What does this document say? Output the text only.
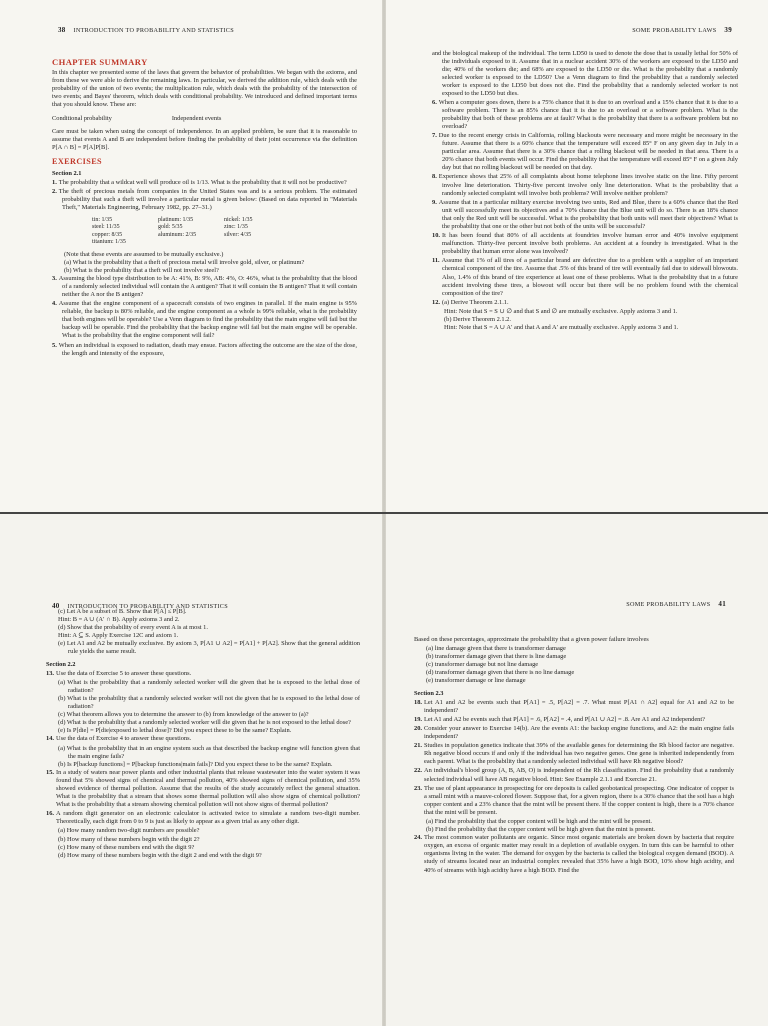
38 INTRODUCTION TO PROBABILITY AND STATISTICS
CHAPTER SUMMARY

In this chapter we presented some of the laws that govern the behavior of probabilities. We began with the axioms, and from these we were able to derive the remaining laws. In particular, we derived the addition rule, which deals with the probability of the union of two events; the multiplication rule, which deals with the probability of the intersection of two events; and Bayes' theorem, which deals with conditional probability. We introduced and defined important terms that you should know. These are:

Conditional probability	Independent events

Care must be taken when using the concept of independence. In an applied problem, be sure that it is reasonable to assume that events A and B are independent before finding the probability of their joint occurrence via the definition P[A ∩ B] = P[A]P[B].

EXERCISES
Section 2.1

1. The probability that a wildcat well will produce oil is 1/13. What is the probability that it will not be productive?

2. The theft of precious metals from companies in the United States was and is a serious problem. The estimated probability that such a theft will involve a particular metal is given below: (Based on data reported in "Materials Theft," Materials Engineering, February 1982, pp. 27–31.)

tin: 1/35	platinum: 1/35	nickel: 1/35
steel: 11/35	gold: 5/35	zinc: 1/35
copper: 8/35	aluminum: 2/35	silver: 4/35
titanium: 1/35

(Note that these events are assumed to be mutually exclusive.)

(a) What is the probability that a theft of precious metal will involve gold, silver, or platinum?

(b) What is the probability that a theft will not involve steel?

3. Assuming the blood type distribution to be A: 41%, B: 9%, AB: 4%, O: 46%, what is the probability that the blood of a randomly selected individual will contain the A antigen? That it will contain the B antigen? That it will contain neither the A nor the B antigen?

4. Assume that the engine component of a spacecraft consists of two engines in parallel. If the main engine is 95% reliable, the backup is 80% reliable, and the engine component as a whole is 99% reliable, what is the probability that both engines will be operable? Use a Venn diagram to find the probability that the main engine will fail but the backup will be operable. Find the probability that the backup engine will fail but the main engine will be operable. What is the probability that the engine component will fail?

5. When an individual is exposed to radiation, death may ensue. Factors affecting the outcome are the size of the dose, the length and intensity of the exposure,

SOME PROBABILITY LAWS 39

and the biological makeup of the individual. The term LD50 is used to denote the dose that is usually lethal for 50% of the individuals exposed to it. Assume that in a nuclear accident 30% of the workers are exposed to the LD50 and die; 40% of the workers die; and 68% are exposed to the LD50 or die. What is the probability that a randomly selected worker is exposed to the LD50? Use a Venn diagram to find the probability that a randomly selected worker is exposed to the LD50 but does not die. Find the probability that a randomly selected worker is not exposed to the LD50 but dies.

6. When a computer goes down, there is a 75% chance that it is due to an overload and a 15% chance that it is due to a software problem. There is an 85% chance that it is due to an overload or a software problem. What is the probability that both of these problems are at fault? What is the probability that there is a software problem but no overload?

7. Due to the recent energy crisis in California, rolling blackouts were necessary and more might be necessary in the future. Assume that there is a 60% chance that the temperature will exceed 85° F on any given day in July in a particular area. Assume that there is a 30% chance that a rolling blackout will be needed in that area. There is a 20% chance that both events will occur. Find the probability that the temperature will exceed 85° F on a given July day but that no rolling blackout will be needed on that day.

8. Experience shows that 25% of all complaints about home telephone lines involve static on the line. Fifty percent involve line deterioration. Thirty-five percent involve only line deterioration. What is the probability that a randomly selected complaint will involve both problems? Will involve neither problem?

9. Assume that in a particular military exercise involving two units, Red and Blue, there is a 60% chance that the Red unit will successfully meet its objectives and a 70% chance that the Blue unit will do so. There is an 18% chance that only the Red unit will be successful. What is the probability that both units will meet their objectives? What is the probability that one or the other but not both of the units will be successful?

10. It has been found that 80% of all accidents at foundries involve human error and 40% involve equipment malfunction. Thirty-five percent involve both problems. An accident at a foundry is investigated. What is the probability that human error alone was involved?

11. Assume that 1% of all tires of a particular brand are defective due to a problem with a supplier of an important chemical component of the tire. Assume that .5% of this brand of tire will eventually fail due to sidewall blowouts. Also, 1.4% of this brand of tire experience at least one of these problems. What is the probability that in a future accident involving these tires, a blowout will occur but there will be no problem found with the chemical composition of the tire?

12. (a) Derive Theorem 2.1.1.

Hint: Note that S = S ∪ ∅ and that S and ∅ are mutually exclusive. Apply axioms 3 and 1.

(b) Derive Theorem 2.1.2.

Hint: Note that S = A ∪ A′ and that A and A′ are mutually exclusive. Apply axioms 3 and 1.

40 INTRODUCTION TO PROBABILITY AND STATISTICS

(c) Let A be a subset of B. Show that P[A] ≤ P[B].

Hint: B = A ∪ (A′ ∩ B). Apply axioms 3 and 2.

(d) Show that the probability of every event A is at most 1.

Hint: A ⊆ S. Apply Exercise 12C and axiom 1.

(e) Let A1 and A2 be mutually exclusive. By axiom 3, P[A1 ∪ A2] = P[A1] + P[A2]. Show that the general addition rule yields the same result.

Section 2.2

13. Use the data of Exercise 5 to answer these questions.

(a) What is the probability that a randomly selected worker will die given that he is exposed to the lethal dose of radiation?

(b) What is the probability that a randomly selected worker will not die given that he is exposed to the lethal dose of radiation?

(c) What theorem allows you to determine the answer to (b) from knowledge of the answer to (a)?

(d) What is the probability that a randomly selected worker will die given that he is not exposed to the lethal dose?

(e) Is P[die] = P[die|exposed to lethal dose]? Did you expect these to be the same? Explain.

14. Use the data of Exercise 4 to answer these questions.

(a) What is the probability that in an engine system such as that described the backup engine will function given that the main engine fails?

(b) Is P[backup functions] = P[backup functions|main fails]? Did you expect these to be the same? Explain.

15. In a study of waters near power plants and other industrial plants that release wastewater into the water system it was found that 5% showed signs of chemical and thermal pollution, 40% showed signs of chemical pollution, and 35% showed evidence of thermal pollution. Assume that the results of the study accurately reflect the general situation. What is the probability that a stream that shows some thermal pollution will also show signs of chemical pollution? What is the probability that a stream showing chemical pollution will not show signs of thermal pollution?

16. A random digit generator on an electronic calculator is activated twice to simulate a random two-digit number. Theoretically, each digit from 0 to 9 is just as likely to appear as a given trial as any other digit.

(a) How many random two-digit numbers are possible?

(b) How many of these numbers begin with the digit 2?

(c) How many of these numbers end with the digit 9?

(d) How many of these numbers begin with the digit 2 and end with the digit 9?

SOME PROBABILITY LAWS 41

Based on these percentages, approximate the probability that a given power failure involves

(a) line damage given that there is transformer damage

(b) transformer damage given that there is line damage

(c) transformer damage but not line damage

(d) transformer damage given that there is no line damage

(e) transformer damage or line damage

Section 2.3

18. Let A1 and A2 be events such that P[A1] = .5, P[A2] = .7. What must P[A1 ∩ A2] equal for A1 and A2 to be independent?

19. Let A1 and A2 be events such that P[A1] = .6, P[A2] = .4, and P[A1 ∪ A2] = .8. Are A1 and A2 independent?

20. Consider your answer to Exercise 14(b). Are the events A1: the backup engine functions, and A2: the main engine fails independent?

21. Studies in population genetics indicate that 39% of the available genes for determining the Rh blood factor are negative. Rh negative blood occurs if and only if the individual has two negative genes. One gene is inherited independently from each parent. What is the probability that a randomly selected individual will have Rh negative blood?

22. An individual's blood group (A, B, AB, O) is independent of the Rh classification. Find the probability that a randomly selected individual will have AB negative blood. Hint: See Example 2.1.1 and Exercise 21.

23. The use of plant appearance in prospecting for ore deposits is called geobotanical prospecting. One indicator of copper is a small mint with a mauve-colored flower. Suppose that, for a given region, there is a 30% chance that the soil has a high copper content and a 23% chance that the mint will be present there. If the copper content is high, there is a 70% chance that the mint will be present.

(a) Find the probability that the copper content will be high and the mint will be present.

(b) Find the probability that the copper content will be high given that the mint is present.

24. The most common water pollutants are organic. Since most organic materials are broken down by bacteria that require oxygen, an excess of organic matter may result in a depletion of available oxygen. In turn this can be harmful to other organisms living in the water. The demand for oxygen by the bacteria is called the biological oxygen demand (BOD). A study of streams located near an industrial complex revealed that 35% have a high BOD, 10% show high acidity, and 40% of streams with high acidity have a high BOD. Find the
